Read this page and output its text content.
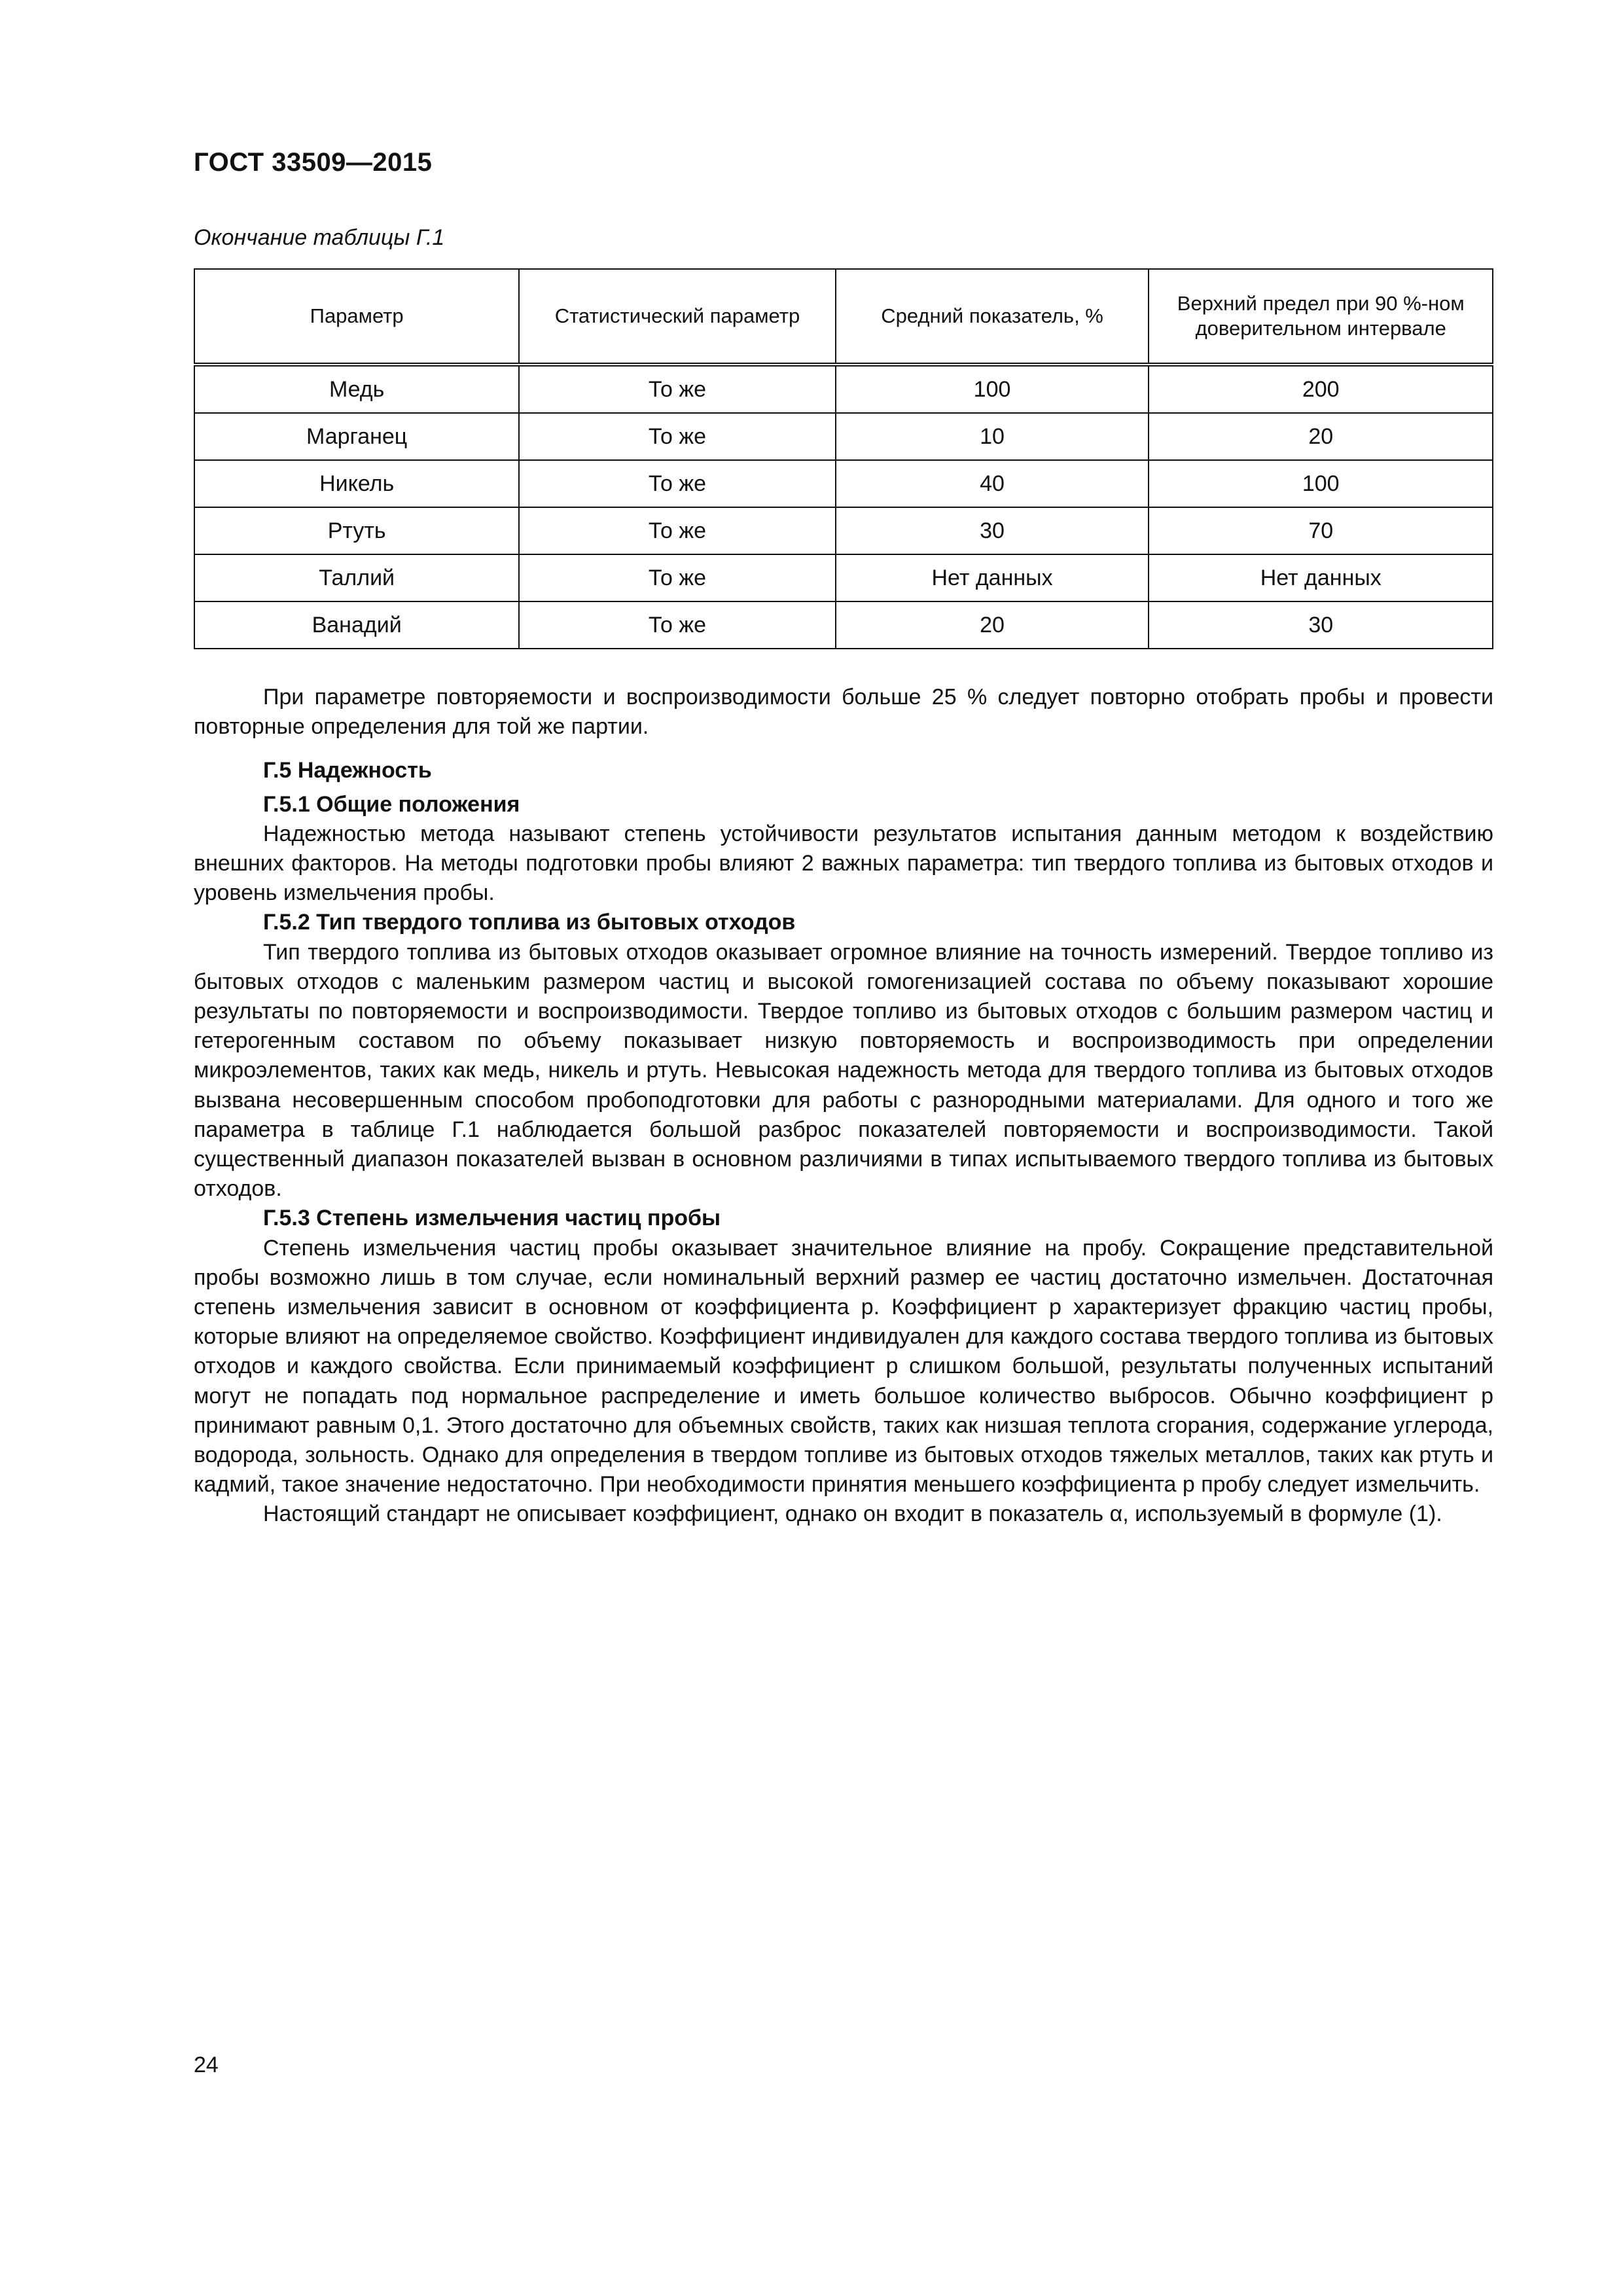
ГОСТ 33509—2015
Окончание таблицы Г.1
Параметр	Статистический параметр	Средний показатель, %	Верхний предел при 90 %-ном доверительном интервале
Медь	То же	100	200
Марганец	То же	10	20
Никель	То же	40	100
Ртуть	То же	30	70
Таллий	То же	Нет данных	Нет данных
Ванадий	То же	20	30

При параметре повторяемости и воспроизводимости больше 25 % следует повторно отобрать пробы и провести повторные определения для той же партии.

Г.5 Надежность

Г.5.1 Общие положения

Надежностью метода называют степень устойчивости результатов испытания данным методом к воздействию внешних факторов. На методы подготовки пробы влияют 2 важных параметра: тип твердого топлива из бытовых отходов и уровень измельчения пробы.

Г.5.2 Тип твердого топлива из бытовых отходов

Тип твердого топлива из бытовых отходов оказывает огромное влияние на точность измерений. Твердое топливо из бытовых отходов с маленьким размером частиц и высокой гомогенизацией состава по объему показывают хорошие результаты по повторяемости и воспроизводимости. Твердое топливо из бытовых отходов с большим размером частиц и гетерогенным составом по объему показывает низкую повторяемость и воспроизводимость при определении микроэлементов, таких как медь, никель и ртуть. Невысокая надежность метода для твердого топлива из бытовых отходов вызвана несовершенным способом пробоподготовки для работы с разнородными материалами. Для одного и того же параметра в таблице Г.1 наблюдается большой разброс показателей повторяемости и воспроизводимости. Такой существенный диапазон показателей вызван в основном различиями в типах испытываемого твердого топлива из бытовых отходов.

Г.5.3 Степень измельчения частиц пробы

Степень измельчения частиц пробы оказывает значительное влияние на пробу. Сокращение представительной пробы возможно лишь в том случае, если номинальный верхний размер ее частиц достаточно измельчен. Достаточная степень измельчения зависит в основном от коэффициента р. Коэффициент р характеризует фракцию частиц пробы, которые влияют на определяемое свойство. Коэффициент индивидуален для каждого состава твердого топлива из бытовых отходов и каждого свойства. Если принимаемый коэффициент р слишком большой, результаты полученных испытаний могут не попадать под нормальное распределение и иметь большое количество выбросов. Обычно коэффициент р принимают равным 0,1. Этого достаточно для объемных свойств, таких как низшая теплота сгорания, содержание углерода, водорода, зольность. Однако для определения в твердом топливе из бытовых отходов тяжелых металлов, таких как ртуть и кадмий, такое значение недостаточно. При необходимости принятия меньшего коэффициента р пробу следует измельчить.

Настоящий стандарт не описывает коэффициент, однако он входит в показатель α, используемый в формуле (1).

24
